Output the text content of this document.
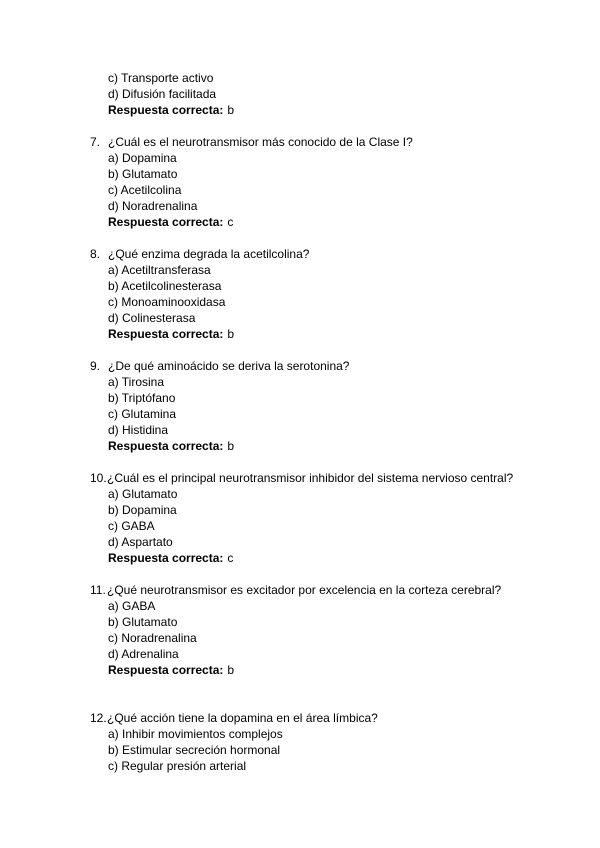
c) Transporte activo
d) Difusión facilitada
Respuesta correcta: b
7. ¿Cuál es el neurotransmisor más conocido de la Clase I?
a) Dopamina
b) Glutamato
c) Acetilcolina
d) Noradrenalina
Respuesta correcta: c
8. ¿Qué enzima degrada la acetilcolina?
a) Acetiltransferasa
b) Acetilcolinesterasa
c) Monoaminooxidasa
d) Colinesterasa
Respuesta correcta: b
9. ¿De qué aminoácido se deriva la serotonina?
a) Tirosina
b) Triptófano
c) Glutamina
d) Histidina
Respuesta correcta: b
10. ¿Cuál es el principal neurotransmisor inhibidor del sistema nervioso central?
a) Glutamato
b) Dopamina
c) GABA
d) Aspartato
Respuesta correcta: c
11. ¿Qué neurotransmisor es excitador por excelencia en la corteza cerebral?
a) GABA
b) Glutamato
c) Noradrenalina
d) Adrenalina
Respuesta correcta: b
12. ¿Qué acción tiene la dopamina en el área límbica?
a) Inhibir movimientos complejos
b) Estimular secreción hormonal
c) Regular presión arterial
